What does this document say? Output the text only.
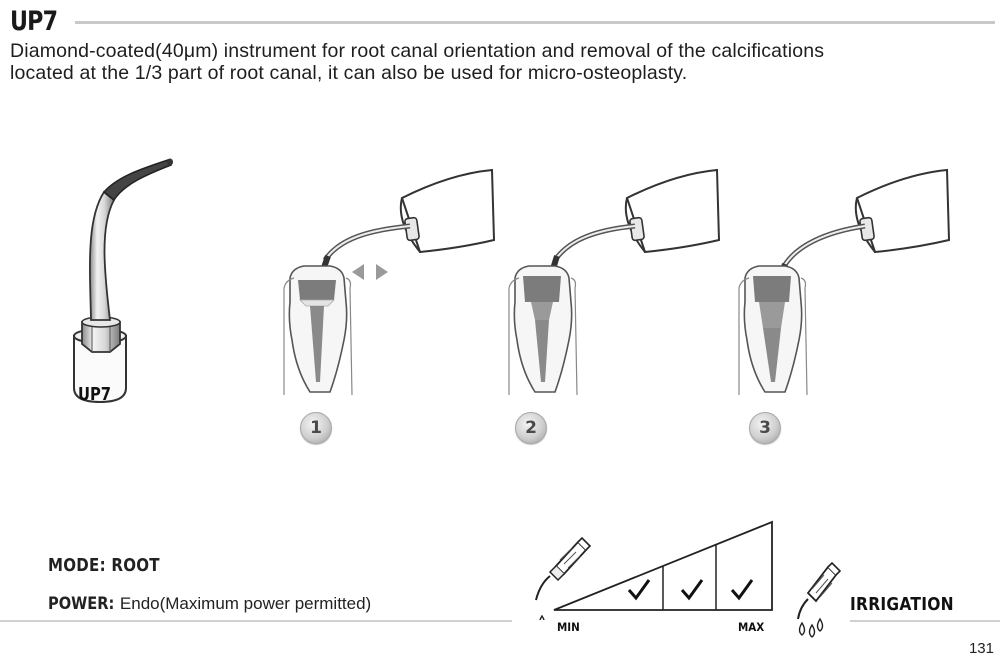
UP7
Diamond-coated(40μm) instrument for root canal orientation and removal of the calcifications
located at the 1/3 part of root canal, it can also be used for micro-osteoplasty.
UP7
1	2	3
MODE: ROOT
POWER: Endo(Maximum power permitted)
MIN	MAX
IRRIGATION
131
